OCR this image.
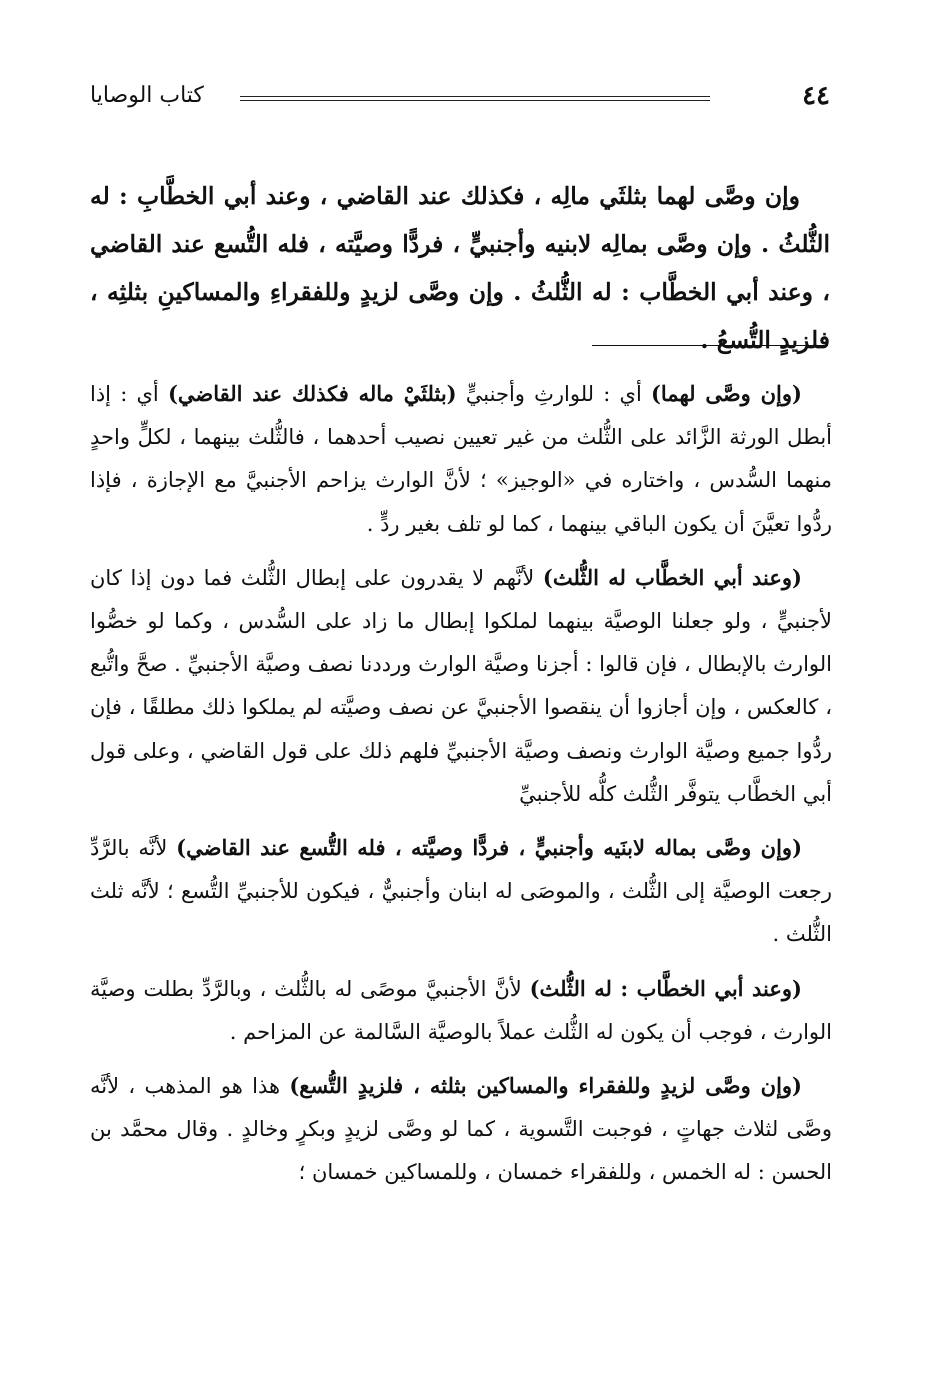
٤٤
كتاب الوصايا

وإن وصَّى لهما بثلثَي مالِه ، فكذلك عند القاضي ، وعند أبي الخطَّابِ : له الثُّلثُ . وإن وصَّى بمالِه لابنيه وأجنبيٍّ ، فردًّا وصيَّته ، فله التُّسع عند القاضي ، وعند أبي الخطَّاب : له الثُّلثُ . وإن وصَّى لزيدٍ وللفقراءِ والمساكينِ بثلثِه ، فلزيدٍ التُّسعُ .

(وإن وصَّى لهما) أي : للوارثِ وأجنبيٍّ (بثلثَيْ ماله فكذلك عند القاضي) أي : إذا أبطل الورثة الزَّائد على الثُّلث من غير تعيين نصيب أحدهما ، فالثُّلث بينهما ، لكلٍّ واحدٍ منهما السُّدس ، واختاره في «الوجيز» ؛ لأنَّ الوارث يزاحم الأجنبيَّ مع الإجازة ، فإذا ردُّوا تعيَّنَ أن يكون الباقي بينهما ، كما لو تلف بغير ردٍّ .

(وعند أبي الخطَّاب له الثُّلث) لأنَّهم لا يقدرون على إبطال الثُّلث فما دون إذا كان لأجنبيٍّ ، ولو جعلنا الوصيَّة بينهما لملكوا إبطال ما زاد على السُّدس ، وكما لو خصُّوا الوارث بالإبطال ، فإن قالوا : أجزنا وصيَّة الوارث ورددنا نصف وصيَّة الأجنبيِّ . صحَّ واتُّبع ، كالعكس ، وإن أجازوا أن ينقصوا الأجنبيَّ عن نصف وصيَّته لم يملكوا ذلك مطلقًا ، فإن ردُّوا جميع وصيَّة الوارث ونصف وصيَّة الأجنبيِّ فلهم ذلك على قول القاضي ، وعلى قول أبي الخطَّاب يتوفَّر الثُّلث كلُّه للأجنبيِّ

(وإن وصَّى بماله لابنَيه وأجنبيٍّ ، فردًّا وصيَّته ، فله التُّسع عند القاضي) لأنَّه بالرَّدِّ رجعت الوصيَّة إلى الثُّلث ، والموصَى له ابنان وأجنبيٌّ ، فيكون للأجنبيِّ التُّسع ؛ لأنَّه ثلث الثُّلث .

(وعند أبي الخطَّاب : له الثُّلث) لأنَّ الأجنبيَّ موصًى له بالثُّلث ، وبالرَّدِّ بطلت وصيَّة الوارث ، فوجب أن يكون له الثُّلث عملاً بالوصيَّة السَّالمة عن المزاحم .

(وإن وصَّى لزيدٍ وللفقراء والمساكين بثلثه ، فلزيدٍ التُّسع) هذا هو المذهب ، لأنَّه وصَّى لثلاث جهاتٍ ، فوجبت التَّسوية ، كما لو وصَّى لزيدٍ وبكرٍ وخالدٍ . وقال محمَّد بن الحسن : له الخمس ، وللفقراء خمسان ، وللمساكين خمسان ؛
